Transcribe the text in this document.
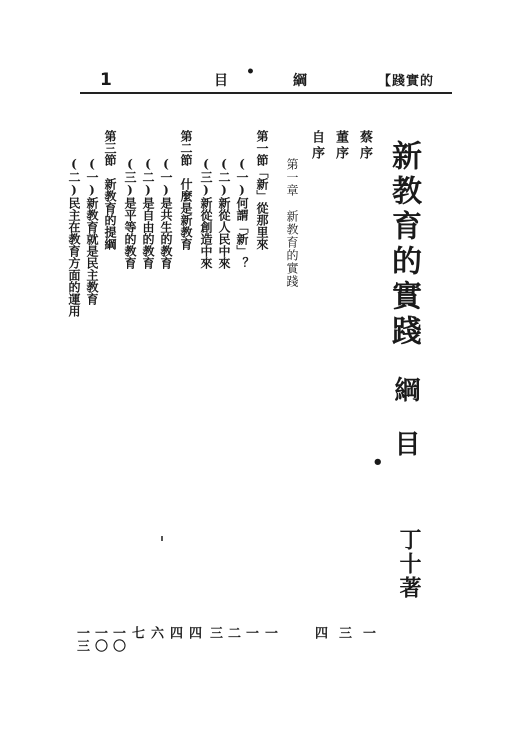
1	目
•
綱	【踐實的
新教育的實踐
綱目
•
丁十著
蔡序
董序
自序
一
三
四
第一章　新教育的實踐
第一節「新」從那里來
(一)何謂「新」？
(二)新從人民中來
(三)新從創造中來
第二節　什麼是新教育
(一)是共生的教育
(二)是自由的教育
(三)是平等的教育
第三節　新教育的提綱
(一)新教育就是民主教育
(二)民主在教育方面的運用
一
一
二
三
四
四
六
七
一〇
一〇
一三
